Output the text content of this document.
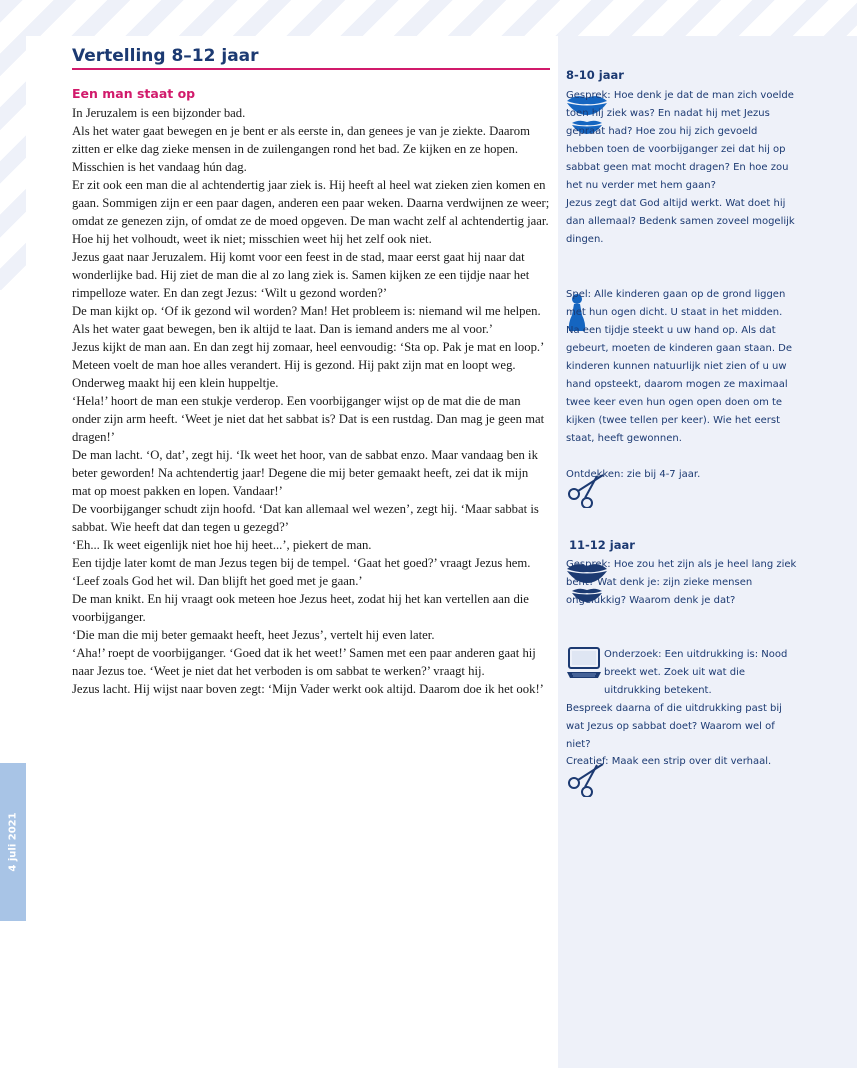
4 juli 2021
Vertelling 8–12 jaar
Een man staat op

In Jeruzalem is een bijzonder bad.

Als het water gaat bewegen en je bent er als eerste in, dan genees je van je ziekte. Daarom zitten er elke dag zieke mensen in de zuilengangen rond het bad. Ze kijken en ze hopen. Misschien is het vandaag hún dag.

Er zit ook een man die al achtendertig jaar ziek is. Hij heeft al heel wat zieken zien komen en gaan. Sommigen zijn er een paar dagen, anderen een paar weken. Daarna verdwijnen ze weer; omdat ze genezen zijn, of omdat ze de moed opgeven. De man wacht zelf al achtendertig jaar. Hoe hij het volhoudt, weet ik niet; misschien weet hij het zelf ook niet.

Jezus gaat naar Jeruzalem. Hij komt voor een feest in de stad, maar eerst gaat hij naar dat wonderlijke bad. Hij ziet de man die al zo lang ziek is. Samen kijken ze een tijdje naar het rimpelloze water. En dan zegt Jezus: ‘Wilt u gezond worden?’

De man kijkt op. ‘Of ik gezond wil worden? Man! Het probleem is: niemand wil me helpen. Als het water gaat bewegen, ben ik altijd te laat. Dan is iemand anders me al voor.’

Jezus kijkt de man aan. En dan zegt hij zomaar, heel eenvoudig: ‘Sta op. Pak je mat en loop.’

Meteen voelt de man hoe alles verandert. Hij is gezond. Hij pakt zijn mat en loopt weg. Onderweg maakt hij een klein huppeltje.

‘Hela!’ hoort de man een stukje verderop. Een voorbijganger wijst op de mat die de man onder zijn arm heeft. ‘Weet je niet dat het sabbat is? Dat is een rustdag. Dan mag je geen mat dragen!’

De man lacht. ‘O, dat’, zegt hij. ‘Ik weet het hoor, van de sabbat enzo. Maar vandaag ben ik beter geworden! Na achtendertig jaar! Degene die mij beter gemaakt heeft, zei dat ik mijn mat op moest pakken en lopen. Vandaar!’

De voorbijganger schudt zijn hoofd. ‘Dat kan allemaal wel wezen’, zegt hij. ‘Maar sabbat is sabbat. Wie heeft dat dan tegen u gezegd?’

‘Eh... Ik weet eigenlijk niet hoe hij heet...’, piekert de man.

Een tijdje later komt de man Jezus tegen bij de tempel. ‘Gaat het goed?’ vraagt Jezus hem. ‘Leef zoals God het wil. Dan blijft het goed met je gaan.’

De man knikt. En hij vraagt ook meteen hoe Jezus heet, zodat hij het kan vertellen aan die voorbijganger.

‘Die man die mij beter gemaakt heeft, heet Jezus’, vertelt hij even later.

‘Aha!’ roept de voorbijganger. ‘Goed dat ik het weet!’ Samen met een paar anderen gaat hij naar Jezus toe. ‘Weet je niet dat het verboden is om sabbat te werken?’ vraagt hij.

Jezus lacht. Hij wijst naar boven zegt: ‘Mijn Vader werkt ook altijd. Daarom doe ik het ook!’

8-10 jaar

Gesprek: Hoe denk je dat de man zich voelde toen hij ziek was? En nadat hij met Jezus gepraat had? Hoe zou hij zich gevoeld hebben toen de voorbijganger zei dat hij op sabbat geen mat mocht dragen? En hoe zou het nu verder met hem gaan?

Jezus zegt dat God altijd werkt. Wat doet hij dan allemaal? Bedenk samen zoveel mogelijk dingen.

Spel: Alle kinderen gaan op de grond liggen met hun ogen dicht. U staat in het midden. Na een tijdje steekt u uw hand op. Als dat gebeurt, moeten de kinderen gaan staan. De kinderen kunnen natuurlijk niet zien of u uw hand opsteekt, daarom mogen ze maximaal twee keer even hun ogen open doen om te kijken (twee tellen per keer). Wie het eerst staat, heeft gewonnen.

Ontdekken: zie bij 4-7 jaar.

11-12 jaar

Gesprek: Hoe zou het zijn als je heel lang ziek bent? Wat denk je: zijn zieke mensen ongelukkig? Waarom denk je dat?

Onderzoek: Een uitdrukking is: Nood breekt wet. Zoek uit wat die uitdrukking betekent.

Bespreek daarna of die uitdrukking past bij wat Jezus op sabbat doet? Waarom wel of niet?

Creatief: Maak een strip over dit verhaal.
